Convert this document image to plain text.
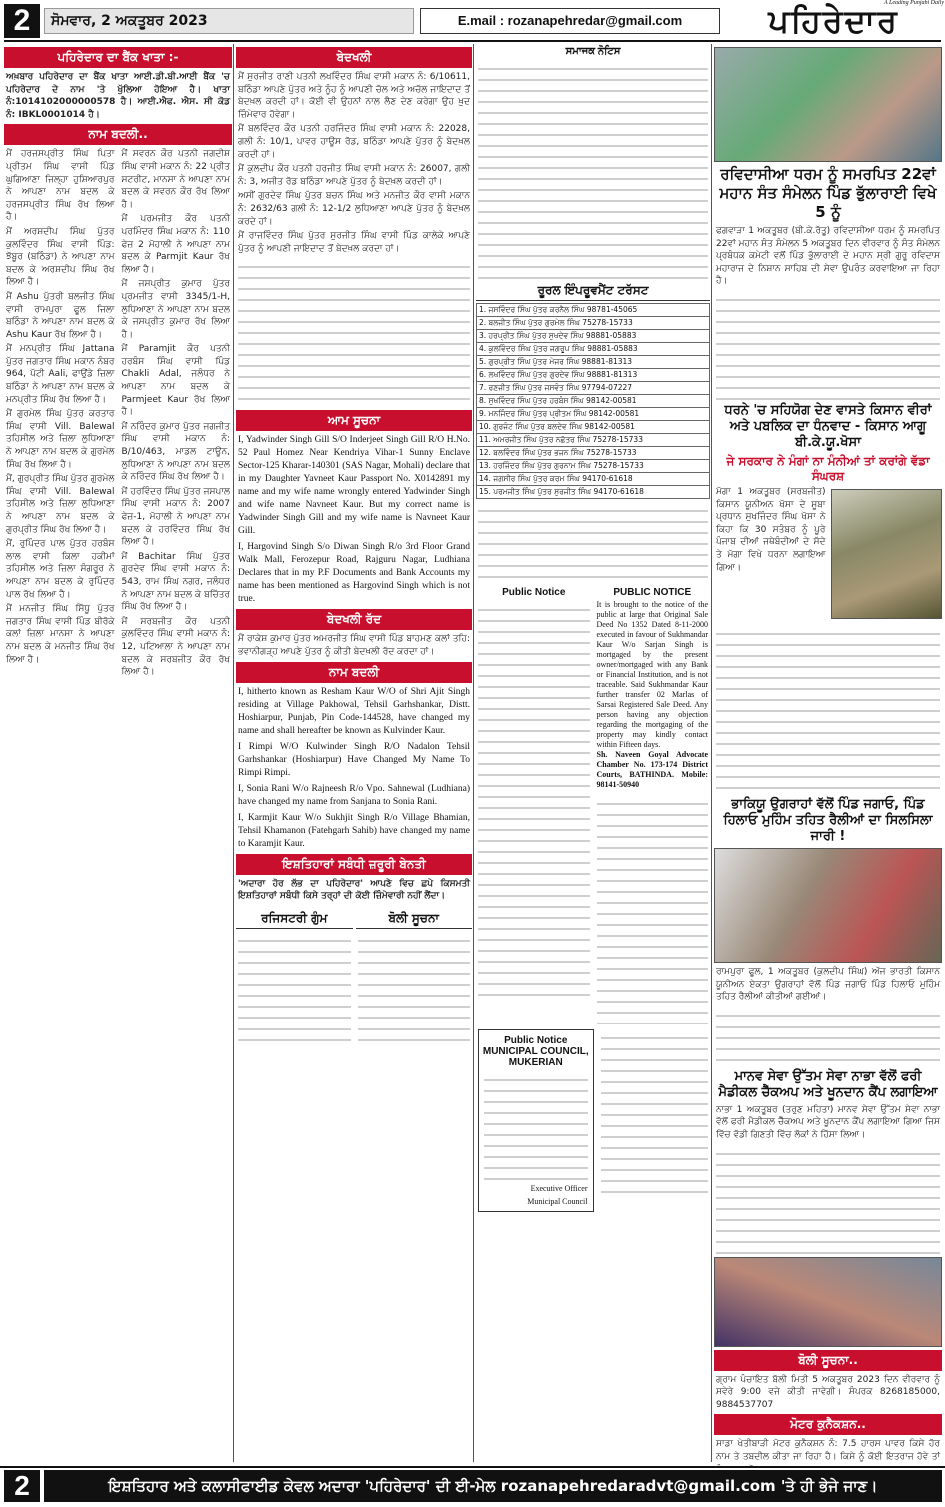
2	ਸੋਮਵਾਰ, 2 ਅਕਤੂਬਰ 2023	E.mail : rozanapehredar@gmail.com	ਪਹਿਰੇਦਾਰ
A Leading Punjabi Daily
ਪਹਿਰੇਦਾਰ ਦਾ ਬੈਂਕ ਖਾਤਾ :-
ਅਖ਼ਬਾਰ ਪਹਿਰੇਦਾਰ ਦਾ ਬੈਂਕ ਖਾਤਾ ਆਈ.ਡੀ.ਬੀ.ਆਈ ਬੈਂਕ 'ਚ ਪਹਿਰੇਦਾਰ ਦੇ ਨਾਮ 'ਤੇ ਖੁੱਲਿਆ ਹੋਇਆ ਹੈ। ਖਾਤਾ ਨੰ:1014102000000578 ਹੈ। ਆਈ.ਐਫ. ਐਸ. ਸੀ ਕੋਡ ਨੰ: IBKL0001014 ਹੈ।
ਨਾਮ ਬਦਲੀ..

ਮੈਂ ਹਰਜਸਪ੍ਰੀਤ ਸਿੰਘ ਪਿਤਾ ਪ੍ਰੀਤਮ ਸਿੰਘ ਵਾਸੀ ਪਿੰਡ ਘੁਗਿਆਣਾ ਜਿਲ੍ਹਾ ਹੁਸ਼ਿਆਰਪੁਰ ਨੇ ਆਪਣਾ ਨਾਮ ਬਦਲ ਕੇ ਹਰਜਸਪ੍ਰੀਤ ਸਿੰਘ ਰੱਖ ਲਿਆ ਹੈ।

ਮੈਂ ਅਰਸ਼ਦੀਪ ਸਿੰਘ ਪੁੱਤਰ ਕੁਲਵਿੰਦਰ ਸਿੰਘ ਵਾਸੀ ਪਿੰਡ: ਝੋਬੂਰ (ਬਠਿੰਡਾ) ਨੇ ਆਪਣਾ ਨਾਮ ਬਦਲ ਕੇ ਅਰਸ਼ਦੀਪ ਸਿੰਘ ਰੱਖ ਲਿਆ ਹੈ।

ਮੈਂ Ashu ਪੁੱਤਰੀ ਬਲਜੀਤ ਸਿੰਘ ਵਾਸੀ ਰਾਮਪੁਰਾ ਫੂਲ ਜਿਲਾ ਬਠਿੰਡਾ ਨੇ ਆਪਣਾ ਨਾਮ ਬਦਲ ਕੇ Ashu Kaur ਰੱਖ ਲਿਆ ਹੈ।

ਮੈਂ ਮਨਪ੍ਰੀਤ ਸਿੰਘ Jattana ਪੁੱਤਰ ਜਗਤਾਰ ਸਿੰਘ ਮਕਾਨ ਨੰਬਰ 964, ਪੱਟੀ Aali, ਫਾਉਂਡੇ ਜ਼ਿਲਾ ਬਠਿੰਡਾ ਨੇ ਆਪਣਾ ਨਾਮ ਬਦਲ ਕੇ ਮਨਪ੍ਰੀਤ ਸਿੰਘ ਰੱਖ ਲਿਆ ਹੈ।

ਮੈਂ ਗੁਰਮੇਲ ਸਿੰਘ ਪੁੱਤਰ ਕਰਤਾਰ ਸਿੰਘ ਵਾਸੀ Vill. Balewal ਤਹਿਸੀਲ ਅਤੇ ਜ਼ਿਲਾ ਲੁਧਿਆਣਾ ਨੇ ਆਪਣਾ ਨਾਮ ਬਦਲ ਕੇ ਗੁਰਮੇਲ ਸਿੰਘ ਰੱਖ ਲਿਆ ਹੈ।

ਮੈਂ, ਗੁਰਪ੍ਰੀਤ ਸਿੰਘ ਪੁੱਤਰ ਗੁਰਮੇਲ ਸਿੰਘ ਵਾਸੀ Vill. Balewal ਤਹਿਸੀਲ ਅਤੇ ਜ਼ਿਲਾ ਲੁਧਿਆਣਾ ਨੇ ਆਪਣਾ ਨਾਮ ਬਦਲ ਕੇ ਗੁਰਪ੍ਰੀਤ ਸਿੰਘ ਰੱਖ ਲਿਆ ਹੈ।

ਮੈਂ, ਰੁਪਿੰਦਰ ਪਾਲ ਪੁੱਤਰ ਹਰਬੰਸ ਲਾਲ ਵਾਸੀ ਕਿਲਾ ਹਕੀਮਾਂ ਤਹਿਸੀਲ ਅਤੇ ਜ਼ਿਲਾ ਸੰਗਰੂਰ ਨੇ ਆਪਣਾ ਨਾਮ ਬਦਲ ਕੇ ਰੁਪਿੰਦਰ ਪਾਲ ਰੱਖ ਲਿਆ ਹੈ।

ਮੈਂ ਮਨਜੀਤ ਸਿੰਘ ਸਿੱਧੂ ਪੁੱਤਰ ਜਗਤਾਰ ਸਿੰਘ ਵਾਸੀ ਪਿੰਡ ਬੀਰੋਕੇ ਕਲਾਂ ਜ਼ਿਲਾ ਮਾਨਸਾ ਨੇ ਆਪਣਾ ਨਾਮ ਬਦਲ ਕੇ ਮਨਜੀਤ ਸਿੰਘ ਰੱਖ ਲਿਆ ਹੈ।

ਮੈਂ ਸਵਰਨ ਕੌਰ ਪਤਨੀ ਜਗਦੀਸ਼ ਸਿੰਘ ਵਾਸੀ ਮਕਾਨ ਨੰ: 22 ਪ੍ਰੀਤ ਸਟਰੀਟ, ਮਾਨਸਾ ਨੇ ਆਪਣਾ ਨਾਮ ਬਦਲ ਕੇ ਸਵਰਨ ਕੌਰ ਰੱਖ ਲਿਆ ਹੈ।

ਮੈਂ ਪਰਮਜੀਤ ਕੌਰ ਪਤਨੀ ਪਰਮਿੰਦਰ ਸਿੰਘ ਮਕਾਨ ਨੰ: 110 ਫੇਜ਼ 2 ਮੋਹਾਲੀ ਨੇ ਆਪਣਾ ਨਾਮ ਬਦਲ ਕੇ Parmjit Kaur ਰੱਖ ਲਿਆ ਹੈ।

ਮੈਂ ਜਸਪ੍ਰੀਤ ਕੁਮਾਰ ਪੁੱਤਰ ਪ੍ਰਮਜੀਤ ਵਾਸੀ 3345/1-H, ਲੁਧਿਆਣਾ ਨੇ ਆਪਣਾ ਨਾਮ ਬਦਲ ਕੇ ਜਸਪ੍ਰੀਤ ਕੁਮਾਰ ਰੱਖ ਲਿਆ ਹੈ।

ਮੈਂ Paramjit ਕੌਰ ਪਤਨੀ ਹਰਬੰਸ ਸਿੰਘ ਵਾਸੀ ਪਿੰਡ Chakli Adal, ਜਲੰਧਰ ਨੇ ਆਪਣਾ ਨਾਮ ਬਦਲ ਕੇ Parmjeet Kaur ਰੱਖ ਲਿਆ ਹੈ।

ਮੈਂ ਨਰਿੰਦਰ ਕੁਮਾਰ ਪੁੱਤਰ ਜਗਜੀਤ ਸਿੰਘ ਵਾਸੀ ਮਕਾਨ ਨੰ: B/10/463, ਮਾਡਲ ਟਾਊਨ, ਲੁਧਿਆਣਾ ਨੇ ਆਪਣਾ ਨਾਮ ਬਦਲ ਕੇ ਨਰਿੰਦਰ ਸਿੰਘ ਰੱਖ ਲਿਆ ਹੈ।

ਮੈਂ ਹਰਵਿੰਦਰ ਸਿੰਘ ਪੁੱਤਰ ਜਸਪਾਲ ਸਿੰਘ ਵਾਸੀ ਮਕਾਨ ਨੰ: 2007 ਫੇਜ਼-1, ਮੋਹਾਲੀ ਨੇ ਆਪਣਾ ਨਾਮ ਬਦਲ ਕੇ ਹਰਵਿੰਦਰ ਸਿੰਘ ਰੱਖ ਲਿਆ ਹੈ।

ਮੈਂ Bachitar ਸਿੰਘ ਪੁੱਤਰ ਗੁਰਦੇਵ ਸਿੰਘ ਵਾਸੀ ਮਕਾਨ ਨੰ: 543, ਰਾਮ ਸਿੰਘ ਨਗਰ, ਜਲੰਧਰ ਨੇ ਆਪਣਾ ਨਾਮ ਬਦਲ ਕੇ ਬਚਿੱਤਰ ਸਿੰਘ ਰੱਖ ਲਿਆ ਹੈ।

ਮੈਂ ਸਰਬਜੀਤ ਕੌਰ ਪਤਨੀ ਕੁਲਵਿੰਦਰ ਸਿੰਘ ਵਾਸੀ ਮਕਾਨ ਨੰ: 12, ਪਟਿਆਲਾ ਨੇ ਆਪਣਾ ਨਾਮ ਬਦਲ ਕੇ ਸਰਬਜੀਤ ਕੌਰ ਰੱਖ ਲਿਆ ਹੈ।

ਬੇਦਖਲੀ

ਮੈਂ ਸੁਰਜੀਤ ਰਾਣੀ ਪਤਨੀ ਲਖਵਿੰਦਰ ਸਿੰਘ ਵਾਸੀ ਮਕਾਨ ਨੰ: 6/10611, ਬਠਿੰਡਾ ਆਪਣੇ ਪੁੱਤਰ ਅਤੇ ਨੂੰਹ ਨੂੰ ਆਪਣੀ ਚੱਲ ਅਤੇ ਅਚੱਲ ਜਾਇਦਾਦ ਤੋਂ ਬੇਦਖ਼ਲ ਕਰਦੀ ਹਾਂ। ਕੋਈ ਵੀ ਉਹਨਾਂ ਨਾਲ ਲੈਣ ਦੇਣ ਕਰੇਗਾ ਉਹ ਖ਼ੁਦ ਜ਼ਿੰਮੇਵਾਰ ਹੋਵੇਗਾ।

ਮੈਂ ਬਲਵਿੰਦਰ ਕੌਰ ਪਤਨੀ ਹਰਜਿੰਦਰ ਸਿੰਘ ਵਾਸੀ ਮਕਾਨ ਨੰ: 22028, ਗਲੀ ਨੰ: 10/1, ਪਾਵਰ ਹਾਊਸ ਰੋਡ, ਬਠਿੰਡਾ ਆਪਣੇ ਪੁੱਤਰ ਨੂੰ ਬੇਦਖ਼ਲ ਕਰਦੀ ਹਾਂ।

ਮੈਂ ਕੁਲਦੀਪ ਕੌਰ ਪਤਨੀ ਹਰਜੀਤ ਸਿੰਘ ਵਾਸੀ ਮਕਾਨ ਨੰ: 26007, ਗਲੀ ਨੰ: 3, ਅਜੀਤ ਰੋਡ ਬਠਿੰਡਾ ਆਪਣੇ ਪੁੱਤਰ ਨੂੰ ਬੇਦਖ਼ਲ ਕਰਦੀ ਹਾਂ।

ਅਸੀਂ ਗੁਰਦੇਵ ਸਿੰਘ ਪੁੱਤਰ ਬਚਨ ਸਿੰਘ ਅਤੇ ਮਨਜੀਤ ਕੌਰ ਵਾਸੀ ਮਕਾਨ ਨੰ: 2632/63 ਗਲੀ ਨੰ: 12-1/2 ਲੁਧਿਆਣਾ ਆਪਣੇ ਪੁੱਤਰ ਨੂੰ ਬੇਦਖ਼ਲ ਕਰਦੇ ਹਾਂ।

ਮੈਂ ਰਾਜਵਿੰਦਰ ਸਿੰਘ ਪੁੱਤਰ ਸੁਰਜੀਤ ਸਿੰਘ ਵਾਸੀ ਪਿੰਡ ਕਾਲੇਕੇ ਆਪਣੇ ਪੁੱਤਰ ਨੂੰ ਆਪਣੀ ਜਾਇਦਾਦ ਤੋਂ ਬੇਦਖ਼ਲ ਕਰਦਾ ਹਾਂ।

ਆਮ ਸੂਚਨਾ

I, Yadwinder Singh Gill S/O Inderjeet Singh Gill R/O H.No. 52 Paul Homez Near Kendriya Vihar-1 Sunny Enclave Sector-125 Kharar-140301 (SAS Nagar, Mohali) declare that in my Daughter Yavneet Kaur Passport No. X0142891 my name and my wife name wrongly entered Yadwinder Singh and wife name Navneet Kaur. But my correct name is Yadwinder Singh Gill and my wife name is Navneet Kaur Gill.

I, Hargovind Singh S/o Diwan Singh R/o 3rd Floor Grand Walk Mall, Ferozepur Road, Rajguru Nagar, Ludhiana Declares that in my P.F Documents and Bank Accounts my name has been mentioned as Hargovind Singh which is not true.

ਬੇਦਖਲੀ ਰੱਦ
ਮੈਂ ਰਾਕੇਸ਼ ਕੁਮਾਰ ਪੁੱਤਰ ਅਮਰਜੀਤ ਸਿੰਘ ਵਾਸੀ ਪਿੰਡ ਬਾਹਮਣ ਕਲਾਂ ਤਹਿ: ਭਵਾਨੀਗੜ੍ਹ ਆਪਣੇ ਪੁੱਤਰ ਨੂੰ ਕੀਤੀ ਬੇਦਖ਼ਲੀ ਰੱਦ ਕਰਦਾ ਹਾਂ।
ਨਾਮ ਬਦਲੀ

I, hitherto known as Resham Kaur W/O of Shri Ajit Singh residing at Village Pakhowal, Tehsil Garhshankar, Distt. Hoshiarpur, Punjab, Pin Code-144528, have changed my name and shall hereafter be known as Kulvinder Kaur.

I Rimpi W/O Kulwinder Singh R/O Nadalon Tehsil Garhshankar (Hoshiarpur) Have Changed My Name To Rimpi Rimpi.

I, Sonia Rani W/o Rajneesh R/o Vpo. Sahnewal (Ludhiana) have changed my name from Sanjana to Sonia Rani.

I, Karmjit Kaur W/o Sukhjit Singh R/o Village Bhamian, Tehsil Khamanon (Fatehgarh Sahib) have changed my name to Karamjit Kaur.

ਇਸ਼ਤਿਹਾਰਾਂ ਸਬੰਧੀ ਜ਼ਰੂਰੀ ਬੇਨਤੀ
'ਅਦਾਰਾ ਹੋਰ ਲੱਭ ਦਾ ਪਹਿਰੇਦਾਰ' ਆਪਣੇ ਵਿਚ ਛਪੇ ਕਿਸਮਤੀ ਇਸ਼ਤਿਹਾਰਾਂ ਸਬੰਧੀ ਕਿਸੇ ਤਰ੍ਹਾਂ ਦੀ ਕੋਈ ਜ਼ਿੰਮੇਵਾਰੀ ਨਹੀਂ ਲੈਂਦਾ।
ਰਜਿਸਟਰੀ ਗੁੰਮ	ਬੋਲੀ ਸੂਚਨਾ
ਸਮਾਜਕ ਨੋਟਿਸ
ਰੂਰਲ ਇੰਪਰੂਵਮੈਂਟ ਟਰੱਸਟ
1. ਜਸਵਿੰਦਰ ਸਿੰਘ ਪੁੱਤਰ ਕਰਨੈਲ ਸਿੰਘ 98781-45065
2. ਬਲਜੀਤ ਸਿੰਘ ਪੁੱਤਰ ਗੁਰਮੇਲ ਸਿੰਘ 75278-15733
3. ਹਰਪ੍ਰੀਤ ਸਿੰਘ ਪੁੱਤਰ ਸੁਖਦੇਵ ਸਿੰਘ 98881-05883
4. ਕੁਲਵਿੰਦਰ ਸਿੰਘ ਪੁੱਤਰ ਜਗਰੂਪ ਸਿੰਘ 98881-05883
5. ਗੁਰਪ੍ਰੀਤ ਸਿੰਘ ਪੁੱਤਰ ਮੇਜਰ ਸਿੰਘ 98881-81313
6. ਲਖਵਿੰਦਰ ਸਿੰਘ ਪੁੱਤਰ ਗੁਰਦੇਵ ਸਿੰਘ 98881-81313
7. ਰਣਜੀਤ ਸਿੰਘ ਪੁੱਤਰ ਜਸਵੰਤ ਸਿੰਘ 97794-07227
8. ਸੁਖਵਿੰਦਰ ਸਿੰਘ ਪੁੱਤਰ ਹਰਬੰਸ ਸਿੰਘ 98142-00581
9. ਮਨਜਿੰਦਰ ਸਿੰਘ ਪੁੱਤਰ ਪ੍ਰੀਤਮ ਸਿੰਘ 98142-00581
10. ਗੁਰਜੰਟ ਸਿੰਘ ਪੁੱਤਰ ਬਲਦੇਵ ਸਿੰਘ 98142-00581
11. ਅਮਰਜੀਤ ਸਿੰਘ ਪੁੱਤਰ ਨਛੱਤਰ ਸਿੰਘ 75278-15733
12. ਬਲਵਿੰਦਰ ਸਿੰਘ ਪੁੱਤਰ ਭਜਨ ਸਿੰਘ 75278-15733
13. ਹਰਜਿੰਦਰ ਸਿੰਘ ਪੁੱਤਰ ਗੁਰਨਾਮ ਸਿੰਘ 75278-15733
14. ਜਗਸੀਰ ਸਿੰਘ ਪੁੱਤਰ ਕਰਮ ਸਿੰਘ 94170-61618
15. ਪਰਮਜੀਤ ਸਿੰਘ ਪੁੱਤਰ ਸੁਰਜੀਤ ਸਿੰਘ 94170-61618
Public Notice	PUBLIC NOTICE
It is brought to the notice of the public at large that Original Sale Deed No 1352 Dated 8-11-2000 executed in favour of Sukhmandar Kaur W/o Sarjan Singh is mortgaged by the present owner/mortgaged with any Bank or Financial Institution, and is not traceable. Said Sukhmandar Kaur further transfer 02 Marlas of Sarsai Registered Sale Deed. Any person having any objection regarding the mortgaging of the property may kindly contact within Fifteen days.
Sh. Naveen Goyal Advocate Chamber No. 173-174 District Courts, BATHINDA. Mobile: 98141-50940
Public Notice
MUNICIPAL COUNCIL, MUKERIAN
Executive Officer
Municipal Council
ਰਵਿਦਾਸੀਆ ਧਰਮ ਨੂੰ ਸਮਰਪਿਤ 22ਵਾਂ ਮਹਾਨ ਸੰਤ ਸੰਮੇਲਨ ਪਿੰਡ ਭੁੱਲਾਰਾਈ ਵਿਖੇ 5 ਨੂੰ
ਫਗਵਾੜਾ 1 ਅਕਤੂਬਰ (ਬੀ.ਕੇ.ਰੱਤੂ) ਰਵਿਦਾਸੀਆ ਧਰਮ ਨੂੰ ਸਮਰਪਿਤ 22ਵਾਂ ਮਹਾਨ ਸੰਤ ਸੰਮੇਲਨ 5 ਅਕਤੂਬਰ ਦਿਨ ਵੀਰਵਾਰ ਨੂੰ ਸੰਤ ਸੰਮੇਲਨ ਪ੍ਰਬੰਧਕ ਕਮੇਟੀ ਵਲੋਂ ਪਿੰਡ ਭੁੱਲਾਰਾਈ ਦੇ ਮਹਾਨ ਸ੍ਰੀ ਗੁਰੂ ਰਵਿਦਾਸ ਮਹਾਰਾਜ ਦੇ ਨਿਸ਼ਾਨ ਸਾਹਿਬ ਦੀ ਸੇਵਾ ਉਪਰੰਤ ਕਰਵਾਇਆ ਜਾ ਰਿਹਾ ਹੈ।
ਧਰਨੇ 'ਚ ਸਹਿਯੋਗ ਦੇਣ ਵਾਸਤੇ ਕਿਸਾਨ ਵੀਰਾਂ ਅਤੇ ਪਬਲਿਕ ਦਾ ਧੰਨਵਾਦ - ਕਿਸਾਨ ਆਗੂ ਬੀ.ਕੇ.ਯੂ.ਖੋਸਾ
ਜੇ ਸਰਕਾਰ ਨੇ ਮੰਗਾਂ ਨਾ ਮੰਨੀਆਂ ਤਾਂ ਕਰਾਂਗੇ ਵੱਡਾ ਸੰਘਰਸ਼
ਮੋਗਾ 1 ਅਕਤੂਬਰ (ਸਰਬਜੀਤ) ਕਿਸਾਨ ਯੂਨੀਅਨ ਖੋਸਾ ਦੇ ਸੂਬਾ ਪ੍ਰਧਾਨ ਸੁਖਜਿੰਦਰ ਸਿੰਘ ਖੋਸਾ ਨੇ ਕਿਹਾ ਕਿ 30 ਸਤੰਬਰ ਨੂੰ ਪੂਰੇ ਪੰਜਾਬ ਦੀਆਂ ਜਥੇਬੰਦੀਆਂ ਦੇ ਸੱਦੇ ਤੇ ਮੋਗਾ ਵਿਖੇ ਧਰਨਾ ਲਗਾਇਆ ਗਿਆ।
ਭਾਕਿਯੂ ਉਗਰਾਹਾਂ ਵੱਲੋਂ ਪਿੰਡ ਜਗਾਓ, ਪਿੰਡ ਹਿਲਾਓ ਮੁਹਿੰਮ ਤਹਿਤ ਰੈਲੀਆਂ ਦਾ ਸਿਲਸਿਲਾ ਜਾਰੀ !
ਰਾਮਪੁਰਾ ਫੂਲ, 1 ਅਕਤੂਬਰ (ਕੁਲਦੀਪ ਸਿੰਘ) ਅੱਜ ਭਾਰਤੀ ਕਿਸਾਨ ਯੂਨੀਅਨ ਏਕਤਾ ਉਗਰਾਹਾਂ ਵੱਲੋਂ ਪਿੰਡ ਜਗਾਓ ਪਿੰਡ ਹਿਲਾਓ ਮੁਹਿੰਮ ਤਹਿਤ ਰੈਲੀਆਂ ਕੀਤੀਆਂ ਗਈਆਂ।
ਮਾਨਵ ਸੇਵਾ ਉੱਤਮ ਸੇਵਾ ਨਾਭਾ ਵੱਲੋਂ ਫਰੀ ਮੈਡੀਕਲ ਚੈੱਕਅਪ ਅਤੇ ਖੂਨਦਾਨ ਕੈਂਪ ਲਗਾਇਆ
ਨਾਭਾ 1 ਅਕਤੂਬਰ (ਤਰੁਣ ਮਹਿਤਾ) ਮਾਨਵ ਸੇਵਾ ਉੱਤਮ ਸੇਵਾ ਨਾਭਾ ਵੱਲੋਂ ਫਰੀ ਮੈਡੀਕਲ ਚੈੱਕਅਪ ਅਤੇ ਖੂਨਦਾਨ ਕੈਂਪ ਲਗਾਇਆ ਗਿਆ ਜਿਸ ਵਿੱਚ ਵੱਡੀ ਗਿਣਤੀ ਵਿੱਚ ਲੋਕਾਂ ਨੇ ਹਿੱਸਾ ਲਿਆ।
ਬੋਲੀ ਸੂਚਨਾ..
ਗ੍ਰਾਮ ਪੰਚਾਇਤ ਬੋਲੀ ਮਿਤੀ 5 ਅਕਤੂਬਰ 2023 ਦਿਨ ਵੀਰਵਾਰ ਨੂੰ ਸਵੇਰੇ 9:00 ਵਜੇ ਕੀਤੀ ਜਾਵੇਗੀ। ਸੰਪਰਕ 8268185000, 9884537707
ਮੋਟਰ ਕੁਨੈਕਸ਼ਨ..
ਸਾਡਾ ਖੇਤੀਬਾੜੀ ਮੋਟਰ ਕੁਨੈਕਸ਼ਨ ਨੰ: 7.5 ਹਾਰਸ ਪਾਵਰ ਕਿਸੇ ਹੋਰ ਨਾਮ ਤੇ ਤਬਦੀਲ ਕੀਤਾ ਜਾ ਰਿਹਾ ਹੈ। ਕਿਸੇ ਨੂੰ ਕੋਈ ਇਤਰਾਜ ਹੋਵੇ ਤਾਂ
2	ਇਸ਼ਤਿਹਾਰ ਅਤੇ ਕਲਾਸੀਫਾਈਡ ਕੇਵਲ ਅਦਾਰਾ 'ਪਹਿਰੇਦਾਰ' ਦੀ ਈ-ਮੇਲ rozanapehredaradvt@gmail.com 'ਤੇ ਹੀ ਭੇਜੇ ਜਾਣ।
